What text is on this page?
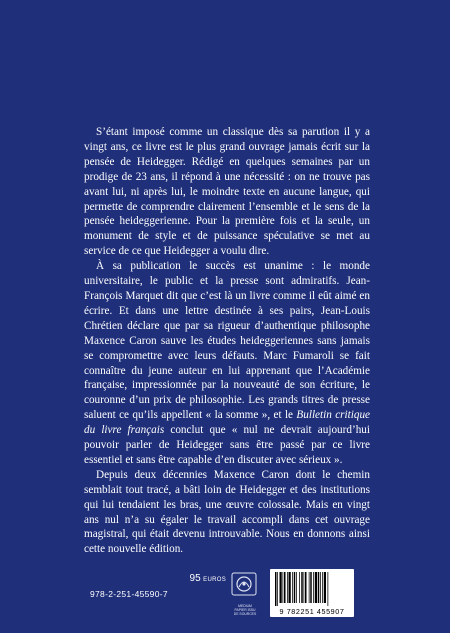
S’étant imposé comme un classique dès sa parution il y a vingt ans, ce livre est le plus grand ouvrage jamais écrit sur la pensée de Heidegger. Rédigé en quelques semaines par un prodige de 23 ans, il répond à une nécessité : on ne trouve pas avant lui, ni après lui, le moindre texte en aucune langue, qui permette de comprendre clairement l’ensemble et le sens de la pensée heideggerienne. Pour la première fois et la seule, un monument de style et de puissance spéculative se met au service de ce que Heidegger a voulu dire.

À sa publication le succès est unanime : le monde universitaire, le public et la presse sont admiratifs. Jean-François Marquet dit que c’est là un livre comme il eût aimé en écrire. Et dans une lettre destinée à ses pairs, Jean-Louis Chrétien déclare que par sa rigueur d’authentique philosophe Maxence Caron sauve les études heideggeriennes sans jamais se compromettre avec leurs défauts. Marc Fumaroli se fait connaître du jeune auteur en lui apprenant que l’Académie française, impressionnée par la nouveauté de son écriture, le couronne d’un prix de philosophie. Les grands titres de presse saluent ce qu’ils appellent « la somme », et le Bulletin critique du livre français conclut que « nul ne devrait aujourd’hui pouvoir parler de Heidegger sans être passé par ce livre essentiel et sans être capable d’en discuter avec sérieux ».

Depuis deux décennies Maxence Caron dont le chemin semblait tout tracé, a bâti loin de Heidegger et des institutions qui lui tendaient les bras, une œuvre colossale. Mais en vingt ans nul n’a su égaler le travail accompli dans cet ouvrage magistral, qui était devenu introuvable. Nous en donnons ainsi cette nouvelle édition.

95 EUROS
978-2-251-45590-7
MEDIUM
PAPIER ISSU
DE SOURCES	9 782251 455907
